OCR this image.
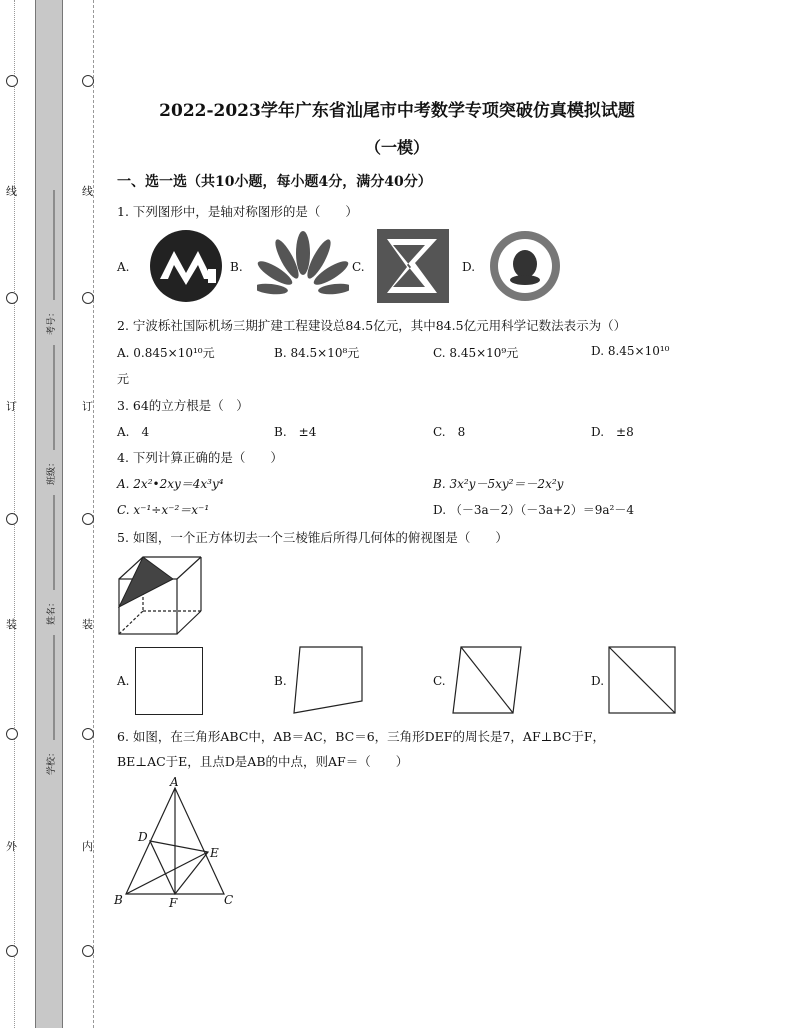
线
订
装
外
线
订
装
内
考号：
班级：
姓名：
学校：
2022-2023学年广东省汕尾市中考数学专项突破仿真模拟试题
（一模）
一、选一选（共10小题，每小题4分，满分40分）
1. 下列图形中，是轴对称图形的是（　　）
A.	B.	C.	D.
2. 宁波栎社国际机场三期扩建工程建设总84.5亿元，其中84.5亿元用科学记数法表示为（）
A. 0.845×10¹⁰元	B. 84.5×10⁸元	C. 8.45×10⁹元	D. 8.45×10¹⁰
元
3. 64的立方根是（　）
A.　4	B.　±4	C.　8	D.　±8
4. 下列计算正确的是（　　）
A. 2x²•2xy＝4x³y⁴	B. 3x²y－5xy²＝－2x²y
C. x⁻¹÷x⁻²＝x⁻¹	D. （－3a－2）（－3a+2）＝9a²－4
5. 如图，一个正方体切去一个三棱锥后所得几何体的俯视图是（　　）
A.	B.	C.	D.
6. 如图，在三角形ABC中，AB＝AC，BC＝6，三角形DEF的周长是7，AF⊥BC于F，
BE⊥AC于E，且点D是AB的中点，则AF＝（　　）
A
D
E
B	F	C
